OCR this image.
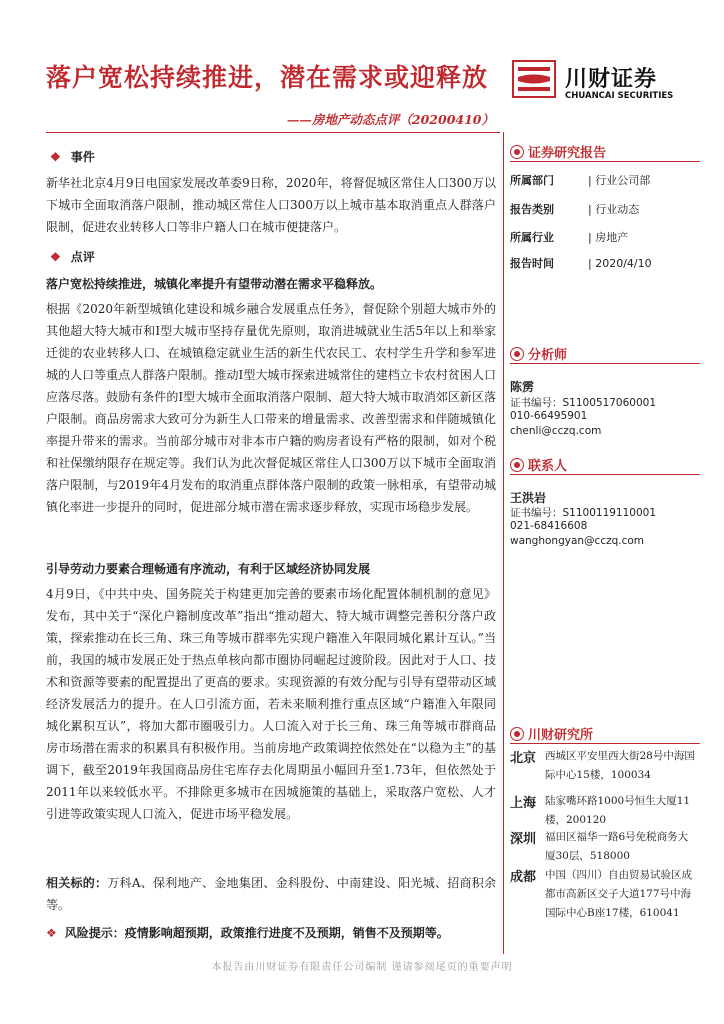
落户宽松持续推进，潜在需求或迎释放
——房地产动态点评（20200410）
川财证券
CHUANCAI SECURITIES
❖ 事件
新华社北京4月9日电国家发展改革委9日称，2020年，将督促城区常住人口300万以下城市全面取消落户限制，推动城区常住人口300万以上城市基本取消重点人群落户限制，促进农业转移人口等非户籍人口在城市便捷落户。
❖ 点评
落户宽松持续推进，城镇化率提升有望带动潜在需求平稳释放。
根据《2020年新型城镇化建设和城乡融合发展重点任务》，督促除个别超大城市外的其他超大特大城市和Ⅰ型大城市坚持存量优先原则，取消进城就业生活5年以上和举家迁徙的农业转移人口、在城镇稳定就业生活的新生代农民工、农村学生升学和参军进城的人口等重点人群落户限制。推动Ⅰ型大城市探索进城常住的建档立卡农村贫困人口应落尽落。鼓励有条件的Ⅰ型大城市全面取消落户限制、超大特大城市取消郊区新区落户限制。商品房需求大致可分为新生人口带来的增量需求、改善型需求和伴随城镇化率提升带来的需求。当前部分城市对非本市户籍的购房者设有严格的限制，如对个税和社保缴纳限存在规定等。我们认为此次督促城区常住人口300万以下城市全面取消落户限制，与2019年4月发布的取消重点群体落户限制的政策一脉相承，有望带动城镇化率进一步提升的同时，促进部分城市潜在需求逐步释放，实现市场稳步发展。
引导劳动力要素合理畅通有序流动，有利于区域经济协同发展
4月9日，《中共中央、国务院关于构建更加完善的要素市场化配置体制机制的意见》发布，其中关于“深化户籍制度改革”指出“推动超大、特大城市调整完善积分落户政策，探索推动在长三角、珠三角等城市群率先实现户籍准入年限同城化累计互认。”当前，我国的城市发展正处于热点单核向都市圈协同崛起过渡阶段。因此对于人口、技术和资源等要素的配置提出了更高的要求。实现资源的有效分配与引导有望带动区域经济发展活力的提升。在人口引流方面，若未来顺利推行重点区域“户籍准入年限同城化累积互认”，将加大都市圈吸引力。人口流入对于长三角、珠三角等城市群商品房市场潜在需求的积累具有积极作用。当前房地产政策调控依然处在“以稳为主”的基调下，截至2019年我国商品房住宅库存去化周期虽小幅回升至1.73年，但依然处于2011年以来较低水平。不排除更多城市在因城施策的基础上，采取落户宽松、人才引进等政策实现人口流入，促进市场平稳发展。
相关标的：万科A、保利地产、金地集团、金科股份、中南建设、阳光城、招商积余等。
❖ 风险提示：疫情影响超预期，政策推行进度不及预期，销售不及预期等。
证券研究报告
所属部门	| 行业公司部
报告类别	| 行业动态
所属行业	| 房地产
报告时间	| 2020/4/10
分析师
陈雳
证书编号：S1100517060001
010-66495901
chenli@cczq.com
联系人
王洪岩
证书编号：S1100119110001
021-68416608
wanghongyan@cczq.com
川财研究所
北京 西城区平安里西大街28号中海国际中心15楼，100034
上海 陆家嘴环路1000号恒生大厦11楼，200120
深圳 福田区福华一路6号免税商务大厦30层，518000
成都 中国（四川）自由贸易试验区成都市高新区交子大道177号中海国际中心B座17楼，610041
本报告由川财证券有限责任公司编制 谨请参阅尾页的重要声明
